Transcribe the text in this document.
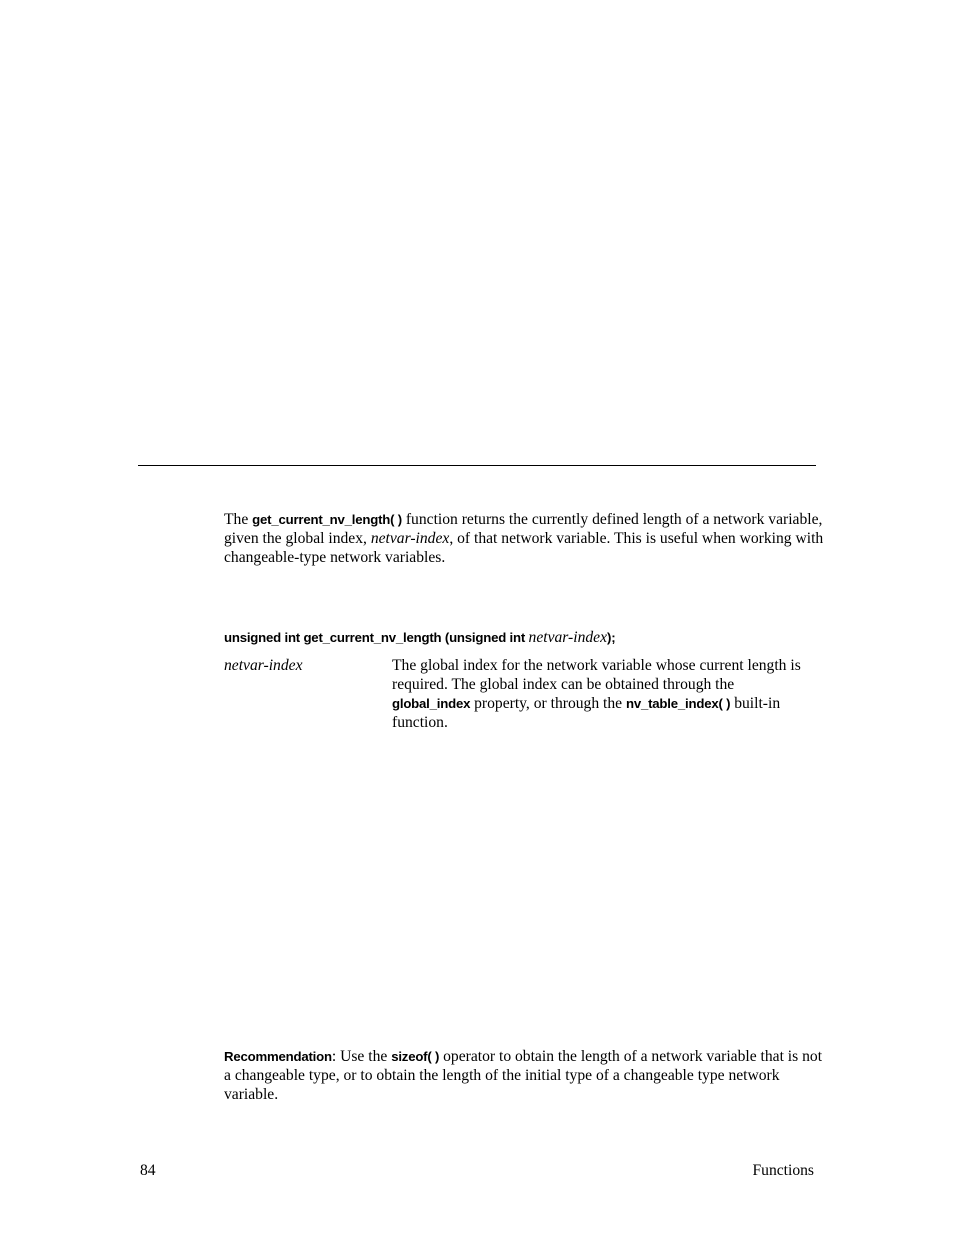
The get_current_nv_length( ) function returns the currently defined length of a network variable, given the global index, netvar-index, of that network variable. This is useful when working with changeable-type network variables.
unsigned int get_current_nv_length (unsigned int netvar-index);
netvar-index	The global index for the network variable whose current length is required. The global index can be obtained through the global_index property, or through the nv_table_index( ) built-in function.
Recommendation: Use the sizeof( ) operator to obtain the length of a network variable that is not a changeable type, or to obtain the length of the initial type of a changeable type network variable.
84	Functions
